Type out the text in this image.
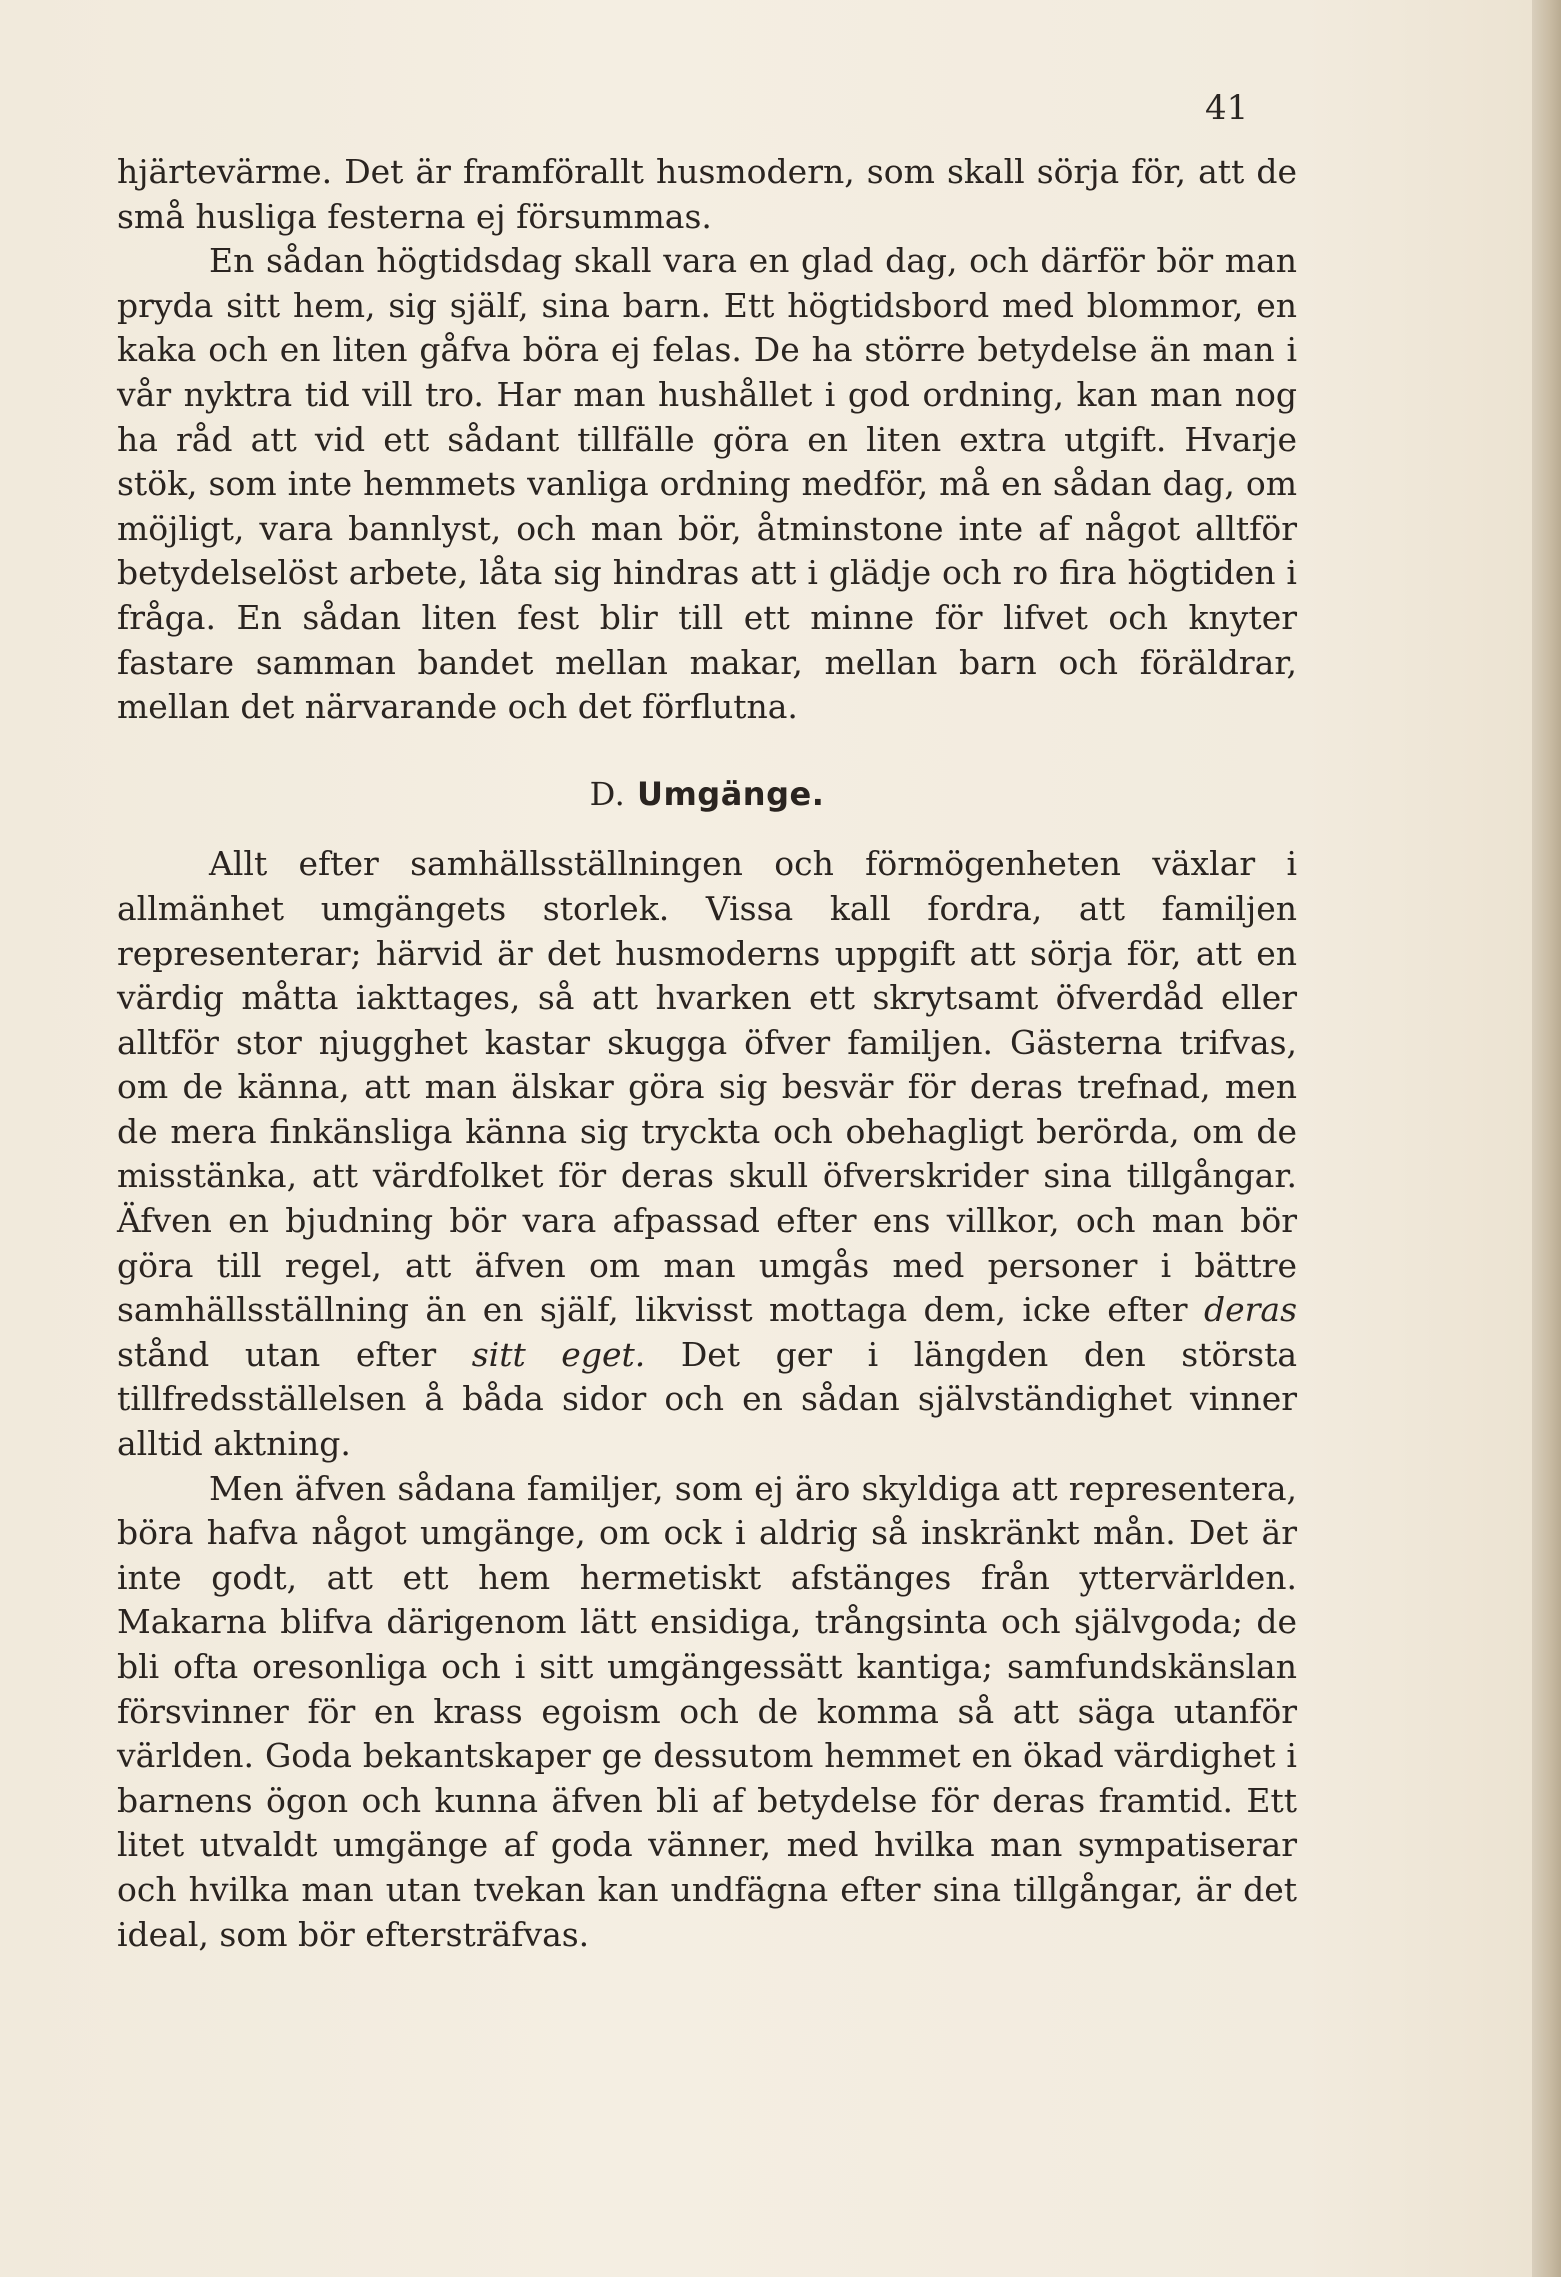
41

hjärtevärme. Det är framförallt husmodern, som skall sörja för, att de små husliga festerna ej försummas.

En sådan högtidsdag skall vara en glad dag, och därför bör man pryda sitt hem, sig själf, sina barn. Ett högtidsbord med blommor, en kaka och en liten gåfva böra ej felas. De ha större betydelse än man i vår nyktra tid vill tro. Har man hushållet i god ordning, kan man nog ha råd att vid ett sådant tillfälle göra en liten extra utgift. Hvarje stök, som inte hemmets vanliga ordning medför, må en sådan dag, om möjligt, vara bannlyst, och man bör, åtminstone inte af något alltför betydelselöst arbete, låta sig hindras att i glädje och ro fira högtiden i fråga. En sådan liten fest blir till ett minne för lifvet och knyter fastare samman bandet mellan makar, mellan barn och föräldrar, mellan det närvarande och det förflutna.

D. Umgänge.

Allt efter samhällsställningen och förmögenheten växlar i allmänhet umgängets storlek. Vissa kall fordra, att familjen representerar; härvid är det husmoderns uppgift att sörja för, att en värdig måtta iakttages, så att hvarken ett skrytsamt öfverdåd eller alltför stor njugghet kastar skugga öfver familjen. Gästerna trifvas, om de känna, att man älskar göra sig besvär för deras trefnad, men de mera finkänsliga känna sig tryckta och obehagligt berörda, om de misstänka, att värdfolket för deras skull öfverskrider sina tillgångar. Äfven en bjudning bör vara afpassad efter ens villkor, och man bör göra till regel, att äfven om man umgås med personer i bättre samhällsställning än en själf, likvisst mottaga dem, icke efter deras stånd utan efter sitt eget. Det ger i längden den största tillfredsställelsen å båda sidor och en sådan självständighet vinner alltid aktning.

Men äfven sådana familjer, som ej äro skyldiga att representera, böra hafva något umgänge, om ock i aldrig så inskränkt mån. Det är inte godt, att ett hem hermetiskt afstänges från yttervärlden. Makarna blifva därigenom lätt ensidiga, trångsinta och självgoda; de bli ofta oresonliga och i sitt umgängessätt kantiga; samfundskänslan försvinner för en krass egoism och de komma så att säga utanför världen. Goda bekantskaper ge dessutom hemmet en ökad värdighet i barnens ögon och kunna äfven bli af betydelse för deras framtid. Ett litet utvaldt umgänge af goda vänner, med hvilka man sympatiserar och hvilka man utan tvekan kan undfägna efter sina tillgångar, är det ideal, som bör eftersträfvas.
